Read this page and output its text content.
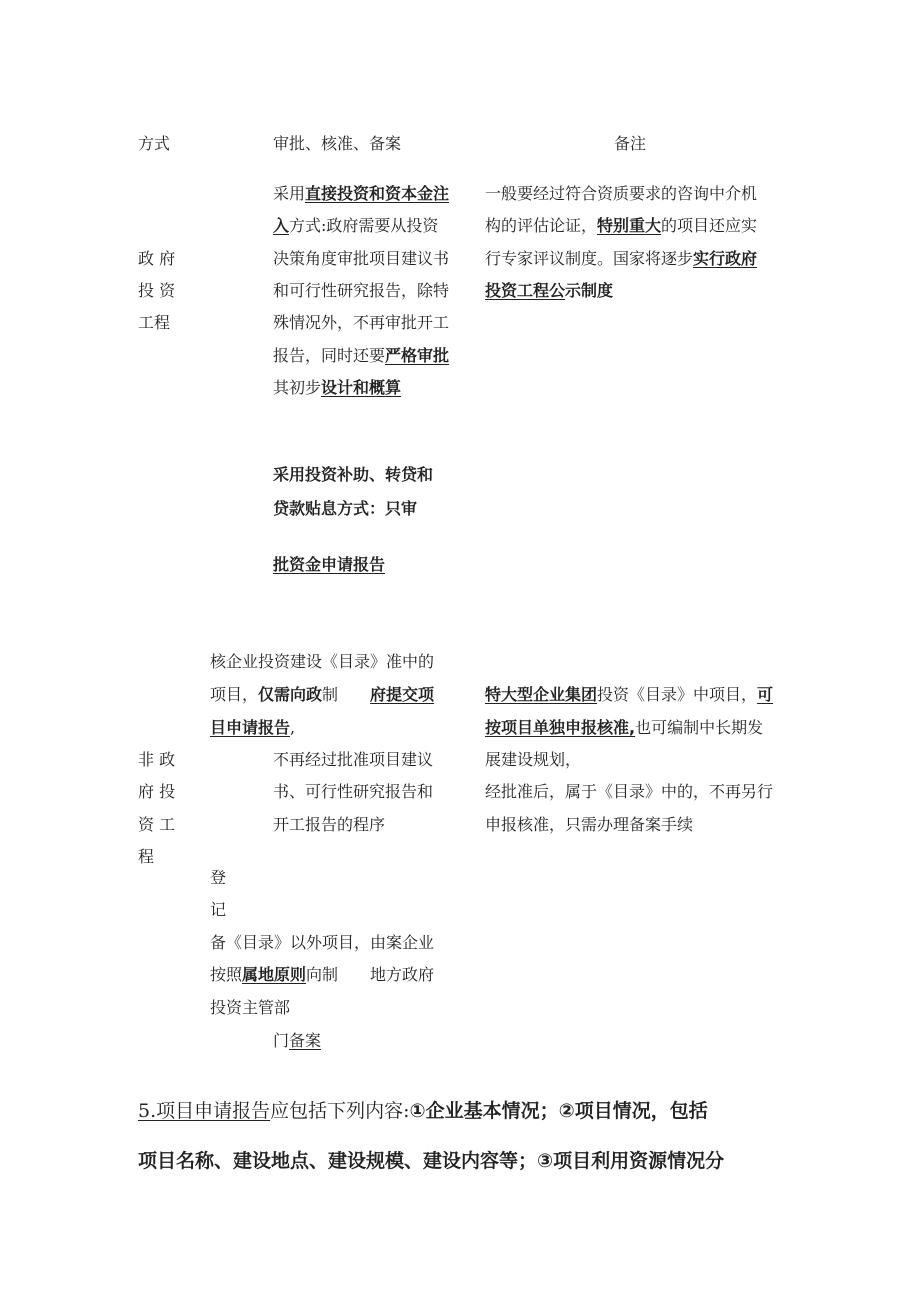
方式	审批、核准、备案	备注
政 府
投 资
工程
采用直接投资和资本金注
入方式:政府需要从投资
决策角度审批项目建议书
和可行性研究报告，除特
殊情况外，不再审批开工
报告，同时还要严格审批
其初步设计和概算
一般要经过符合资质要求的咨询中介机
构的评估论证，特别重大的项目还应实
行专家评议制度。国家将逐步实行政府
投资工程公示制度
采用投资补助、转贷和
贷款贴息方式：只审
批资金申请报告
非 政
府 投
资 工
程
核企业投资建设《目录》准中的
项目，仅需向政制 府提交项
目申请报告,
不再经过批准项目建议
书、可行性研究报告和
开工报告的程序
特大型企业集团投资《目录》中项目，可
按项目单独申报核准,也可编制中长期发
展建设规划，
经批准后，属于《目录》中的，不再另行
申报核准，只需办理备案手续
登
记
备《目录》以外项目，由案企业
按照属地原则向制 地方政府
投资主管部
门备案
5.项目申请报告应包括下列内容:①企业基本情况；②项目情况，包括
项目名称、建设地点、建设规模、建设内容等；③项目利用资源情况分
